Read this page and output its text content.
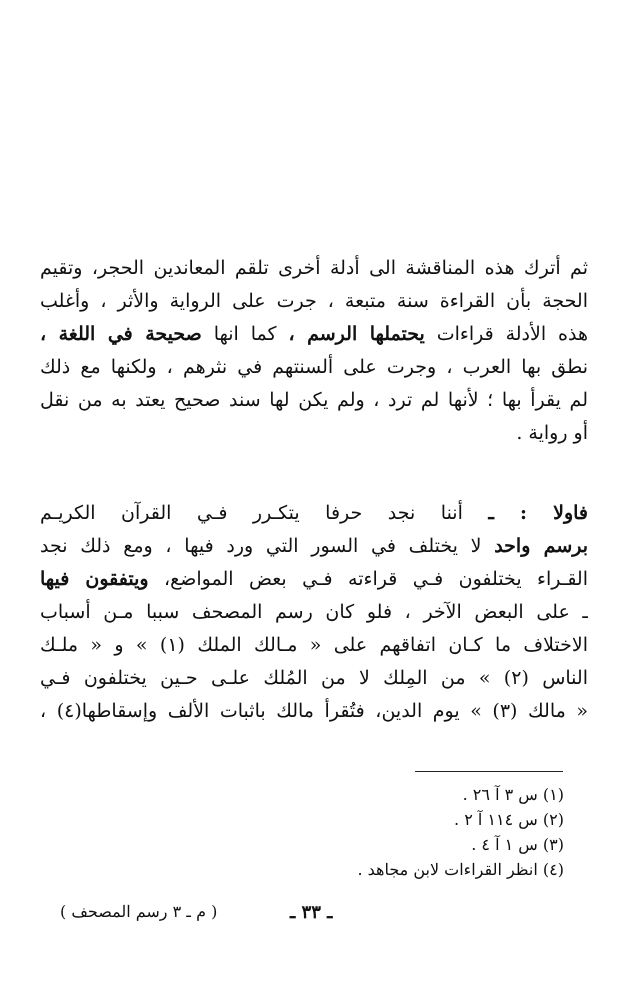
ثم أترك هذه المناقشة الى أدلة أخرى تلقم المعاندين الحجر، وتقيم
الحجة بأن القراءة سنة متبعة ، جرت على الرواية والأثر ، وأغلب
هذه الأدلة قراءات يحتملها الرسم ، كما انها صحيحة في اللغة ،
نطق بها العرب ، وجرت على ألسنتهم في نثرهم ، ولكنها مع ذلك
لم يقرأ بها ؛ لأنها لم ترد ، ولم يكن لها سند صحيح يعتد به من نقل
أو رواية .
فاولا : ـ أننا نجد حرفا يتكـرر فـي القرآن الكريـم
برسم واحد لا يختلف في السور التي ورد فيها ، ومع ذلك نجد
القـراء يختلفون فـي قراءته فـي بعض المواضع، ويتفقون فيها
ـ على البعض الآخر ، فلو كان رسم المصحف سببا مـن أسباب
الاختلاف ما كـان اتفاقهم على « مـالك الملك (١) » و « ملـك
الناس (٢) » من المِلك لا من المُلك علـى حـين يختلفون فـي
« مالك (٣) » يوم الدين، فتُقرأ مالك باثبات الألف وإسقاطها(٤) ،
(١) س ٣ آ ٢٦ .
(٢) س ١١٤ آ ٢ .
(٣) س ١ آ ٤ .
(٤) انظر القراءات لابن مجاهد .
ـ ٣٣ ـ
( م ـ ٣ رسم المصحف )
